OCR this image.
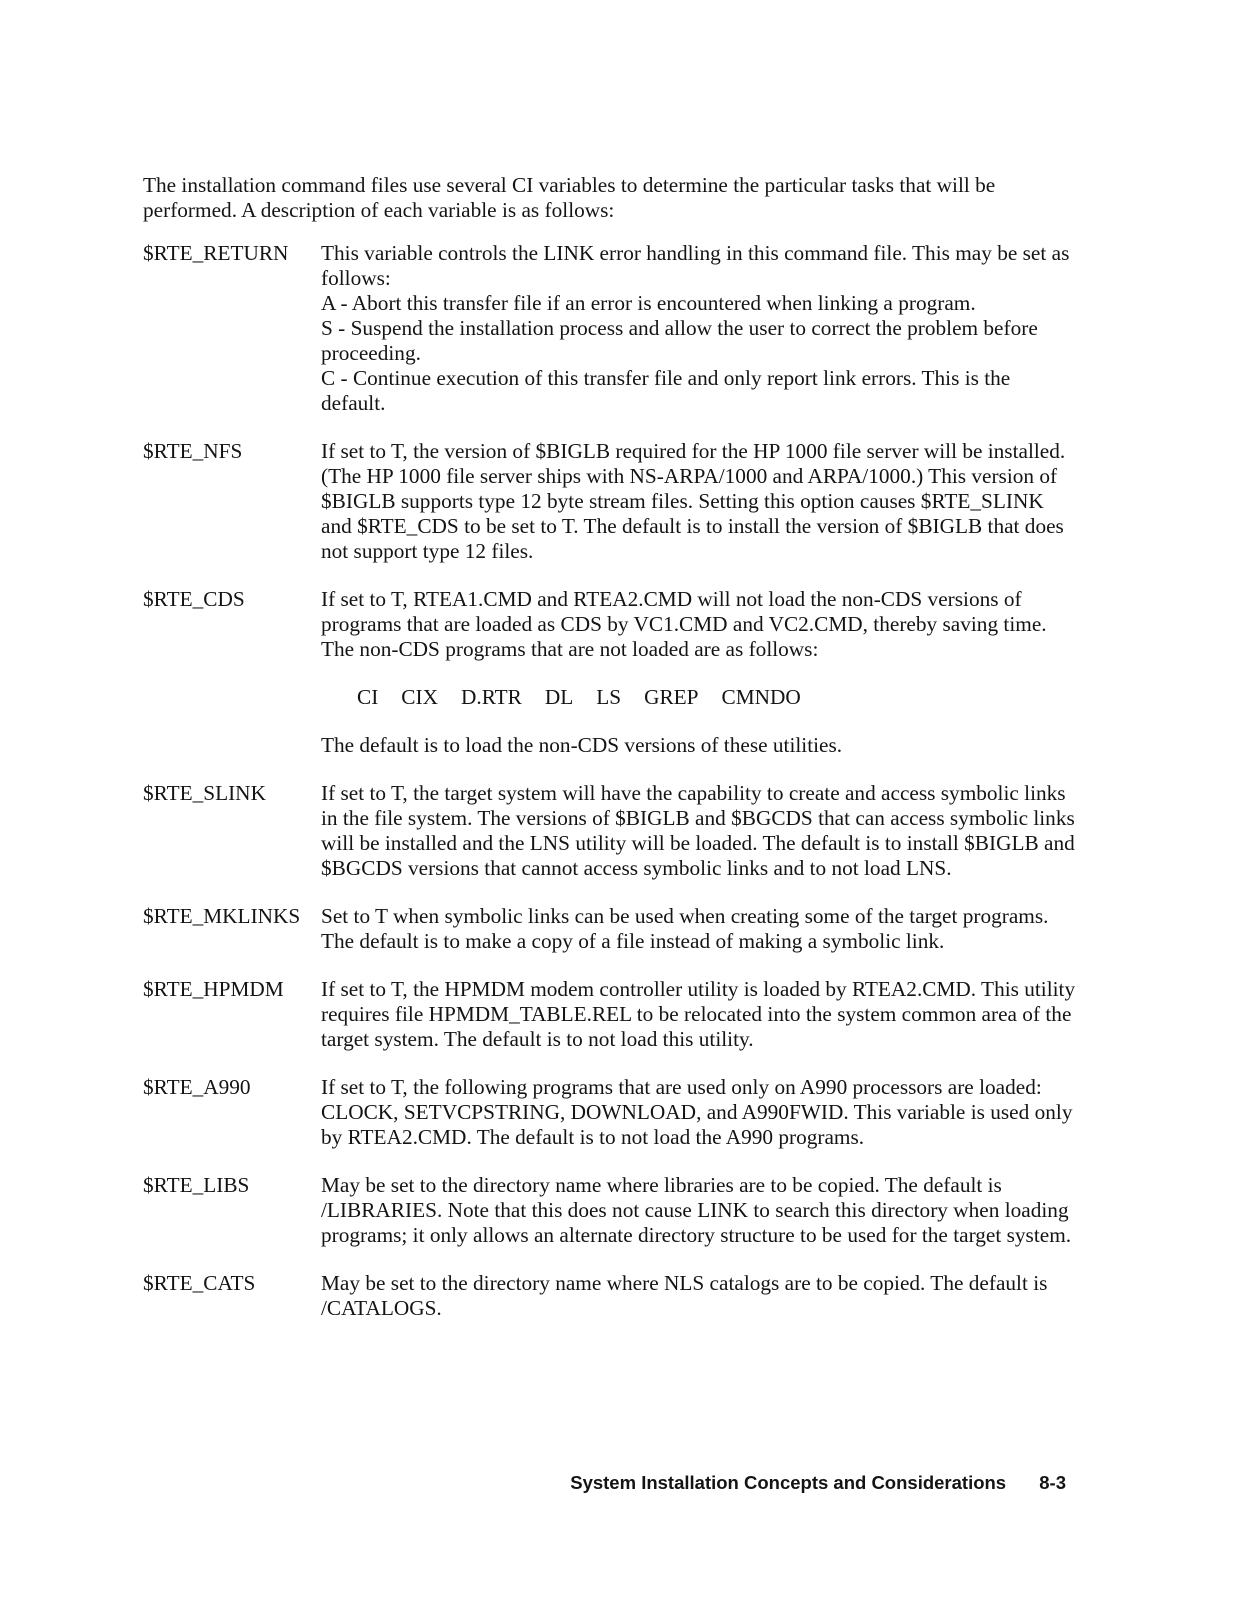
The installation command files use several CI variables to determine the particular tasks that will be performed. A description of each variable is as follows:

$RTE_RETURN This variable controls the LINK error handling in this command file. This may be set as follows:
A - Abort this transfer file if an error is encountered when linking a program.
S - Suspend the installation process and allow the user to correct the problem before proceeding.
C - Continue execution of this transfer file and only report link errors. This is the default.
$RTE_NFS	If set to T, the version of $BIGLB required for the HP 1000 file server will be installed. (The HP 1000 file server ships with NS-ARPA/1000 and ARPA/1000.) This version of $BIGLB supports type 12 byte stream files. Setting this option causes $RTE_SLINK and $RTE_CDS to be set to T. The default is to install the version of $BIGLB that does not support type 12 files.
$RTE_CDS	If set to T, RTEA1.CMD and RTEA2.CMD will not load the non-CDS versions of programs that are loaded as CDS by VC1.CMD and VC2.CMD, thereby saving time. The non-CDS programs that are not loaded are as follows:
CI CIX D.RTR DL LS GREP CMNDO
The default is to load the non-CDS versions of these utilities.
$RTE_SLINK	If set to T, the target system will have the capability to create and access symbolic links in the file system. The versions of $BIGLB and $BGCDS that can access symbolic links will be installed and the LNS utility will be loaded. The default is to install $BIGLB and $BGCDS versions that cannot access symbolic links and to not load LNS.
$RTE_MKLINKS Set to T when symbolic links can be used when creating some of the target programs. The default is to make a copy of a file instead of making a symbolic link.
$RTE_HPMDM If set to T, the HPMDM modem controller utility is loaded by RTEA2.CMD. This utility requires file HPMDM_TABLE.REL to be relocated into the system common area of the target system. The default is to not load this utility.
$RTE_A990	If set to T, the following programs that are used only on A990 processors are loaded: CLOCK, SETVCPSTRING, DOWNLOAD, and A990FWID. This variable is used only by RTEA2.CMD. The default is to not load the A990 programs.
$RTE_LIBS	May be set to the directory name where libraries are to be copied. The default is /LIBRARIES. Note that this does not cause LINK to search this directory when loading programs; it only allows an alternate directory structure to be used for the target system.
$RTE_CATS	May be set to the directory name where NLS catalogs are to be copied. The default is /CATALOGS.
System Installation Concepts and Considerations 8-3
